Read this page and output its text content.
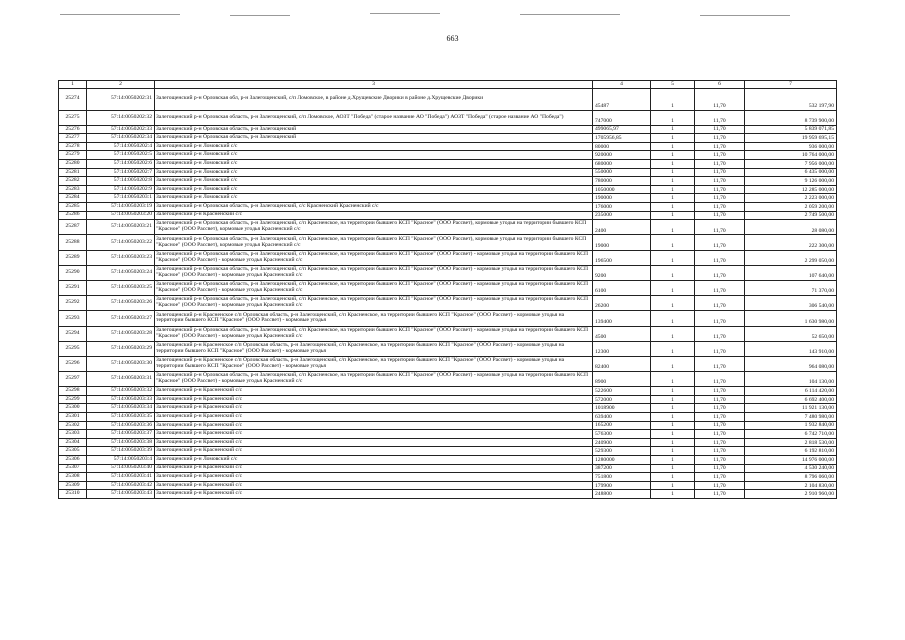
663
1	2	3	4	5	6	7
25274	57:14:0050202:31	Залегощенский р-н Орловская обл, р-н Залегощенский, с/п Ломовское, в районе д.Хрущевские Дворики в районе д.Хрущевские Дворики	45487	1	11,70	532 197,90
25275	57:14:0050202:32	Залегощенский р-н Орловская область, р-н Залегощенский, с/п Ломовское, АОЗТ "Победа" (старое название АО "Победа") АОЗТ "Победа" (старое название АО "Победа")	747000	1	11,70	8 739 900,00
25276	57:14:0050202:33	Залегощенский р-н Орловская область, р-н Залегощенский	499065,97	1	11,70	5 839 071,85
25277	57:14:0050202:34	Залегощенский р-н Орловская область, р-н Залегощенский	1705956,85	1	11,70	19 959 695,15
25278	57:14:0050202:4	Залегощенский р-н Ломовский с/с	80000	1	11,70	936 000,00
25279	57:14:0050202:5	Залегощенский р-н Ломовский с/с	920000	1	11,70	10 764 000,00
25280	57:14:0050202:6	Залегощенский р-н Ломовский с/с	680000	1	11,70	7 956 000,00
25281	57:14:0050202:7	Залегощенский р-н Ломовский с/с	550000	1	11,70	6 435 000,00
25282	57:14:0050202:8	Залегощенский р-н Ломовский с/с	780000	1	11,70	9 126 000,00
25283	57:14:0050202:9	Залегощенский р-н Ломовский с/с	1050000	1	11,70	12 285 000,00
25284	57:14:0050203:1	Залегощенский р-н Ломовский с/с	190000	1	11,70	2 223 000,00
25285	57:14:0050203:19	Залегощенский р-н Орловская область, р-н Залегощенский, с/с Красненский Красненский с/с	176000	1	11,70	2 059 200,00
25286	57:14:0050203:20	Залегощенский р-н Красненский с/с	235000	1	11,70	2 749 500,00
25287	57:14:0050203:21	Залегощенский р-н Орловская область, р-н Залегощенский, с/п Красненское, на территории бывшего КСП "Красное" (ООО Рассвет), кормовые угодья на территории бывшего КСП "Красное" (ООО Рассвет), кормовые угодья Красненский с/с	2400	1	11,70	28 080,00
25288	57:14:0050203:22	Залегощенский р-н Орловская область, р-н Залегощенский, с/п Красненское, на территории бывшего КСП "Красное" (ООО Рассвет), кормовые угодья на территории бывшего КСП "Красное" (ООО Рассвет), кормовые угодья Красненский с/с	19000	1	11,70	222 300,00
25289	57:14:0050203:23	Залегощенский р-н Орловская область, р-н Залегощенский, с/п Красненское, на территории бывшего КСП "Красное" (ООО Рассвет) - кормовые угодья на территории бывшего КСП "Красное" (ООО Рассвет) - кормовые угодья Красненский с/с	196500	1	11,70	2 299 050,00
25290	57:14:0050203:24	Залегощенский р-н Орловская область, р-н Залегощенский, с/п Красненское, на территории бывшего КСП "Красное" (ООО Рассвет) - кормовые угодья на территории бывшего КСП "Красное" (ООО Рассвет) - кормовые угодья Красненский с/с	9200	1	11,70	107 640,00
25291	57:14:0050203:25	Залегощенский р-н Орловская область, р-н Залегощенский, с/п Красненское, на территории бывшего КСП "Красное" (ООО Рассвет) - кормовые угодья на территории бывшего КСП "Красное" (ООО Рассвет) - кормовые угодья Красненский с/с	6100	1	11,70	71 370,00
25292	57:14:0050203:26	Залегощенский р-н Орловская область, р-н Залегощенский, с/п Красненское, на территории бывшего КСП "Красное" (ООО Рассвет) - кормовые угодья на территории бывшего КСП "Красное" (ООО Рассвет) - кормовые угодья Красненский с/с	26200	1	11,70	306 540,00
25293	57:14:0050203:27	Залегощенский р-н Красненское с/п Орловская область, р-н Залегощенский, с/п Красненское, на территории бывшего КСП "Красное" (ООО Рассвет) - кормовые угодья на территории бывшего КСП "Красное" (ООО Рассвет) - кормовые угодья	139400	1	11,70	1 630 980,00
25294	57:14:0050203:28	Залегощенский р-н Орловская область, р-н Залегощенский, с/п Красненское, на территории бывшего КСП "Красное" (ООО Рассвет) - кормовые угодья на территории бывшего КСП "Красное" (ООО Рассвет) - кормовые угодья Красненский с/с	4500	1	11,70	52 650,00
25295	57:14:0050203:29	Залегощенский р-н Красненское с/п Орловская область, р-н Залегощенский, с/п Красненское, на территории бывшего КСП "Красное" (ООО Рассвет) - кормовые угодья на территории бывшего КСП "Красное" (ООО Рассвет) - кормовые угодья	12300	1	11,70	143 910,00
25296	57:14:0050203:30	Залегощенский р-н Красненское с/п Орловская область, р-н Залегощенский, с/п Красненское, на территории бывшего КСП "Красное" (ООО Рассвет) - кормовые угодья на территории бывшего КСП "Красное" (ООО Рассвет) - кормовые угодья	82400	1	11,70	964 080,00
25297	57:14:0050203:31	Залегощенский р-н Орловская область, р-н Залегощенский, с/п Красненское, на территории бывшего КСП "Красное" (ООО Рассвет) - кормовые угодья на территории бывшего КСП "Красное" (ООО Рассвет) - кормовые угодья Красненский с/с	8900	1	11,70	104 130,00
25298	57:14:0050203:32	Залегощенский р-н Красненский с/с	522600	1	11,70	6 114 420,00
25299	57:14:0050203:33	Залегощенский р-н Красненский с/с	572000	1	11,70	6 692 400,00
25300	57:14:0050203:34	Залегощенский р-н Красненский с/с	1018900	1	11,70	11 921 130,00
25301	57:14:0050203:35	Залегощенский р-н Красненский с/с	639400	1	11,70	7 480 980,00
25302	57:14:0050203:36	Залегощенский р-н Красненский с/с	165200	1	11,70	1 932 840,00
25303	57:14:0050203:37	Залегощенский р-н Красненский с/с	576300	1	11,70	6 742 710,00
25304	57:14:0050203:38	Залегощенский р-н Красненский с/с	240900	1	11,70	2 818 530,00
25305	57:14:0050203:39	Залегощенский р-н Красненский с/с	529300	1	11,70	6 192 810,00
25306	57:14:0050203:4	Залегощенский р-н Ломовский с/с	1280000	1	11,70	14 976 000,00
25307	57:14:0050203:40	Залегощенский р-н Красненский с/с	387200	1	11,70	4 530 240,00
25308	57:14:0050203:41	Залегощенский р-н Красненский с/с	751800	1	11,70	8 796 060,00
25309	57:14:0050203:42	Залегощенский р-н Красненский с/с	179900	1	11,70	2 104 830,00
25310	57:14:0050203:43	Залегощенский р-н Красненский с/с	248800	1	11,70	2 910 960,00
